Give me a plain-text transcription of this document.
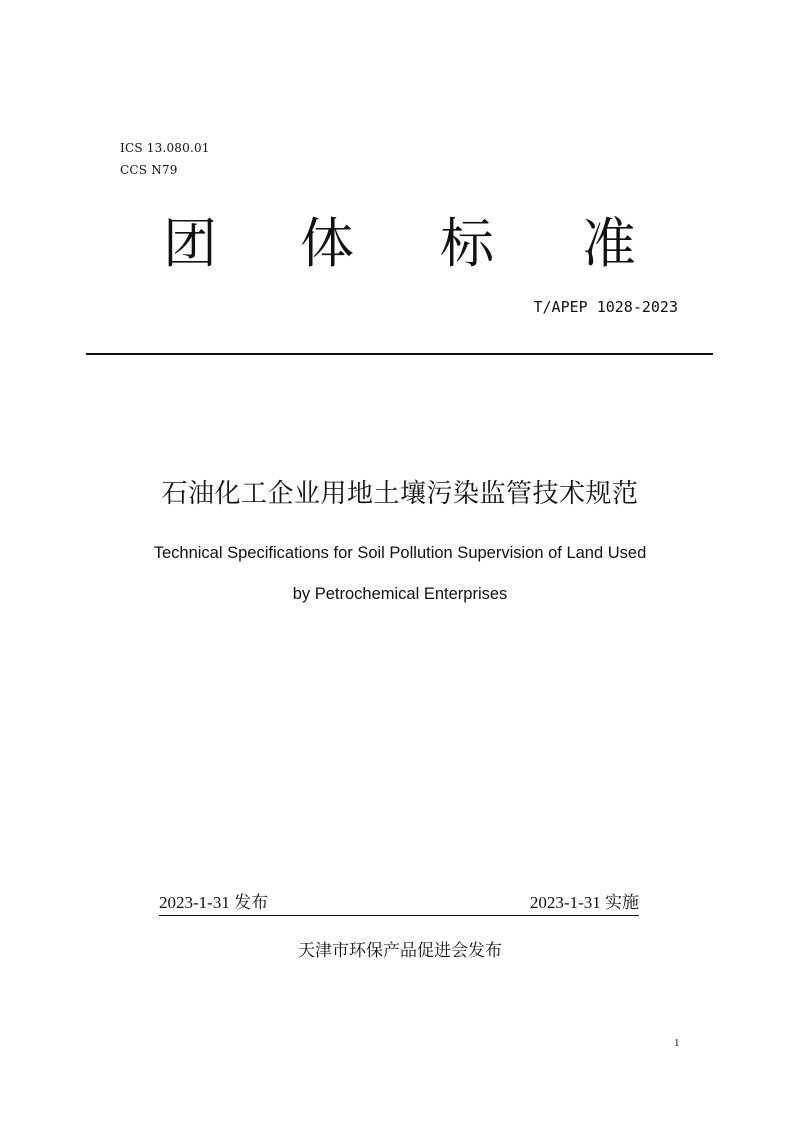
ICS 13.080.01
CCS N79
团 体 标 准
T/APEP 1028-2023
石油化工企业用地土壤污染监管技术规范
Technical Specifications for Soil Pollution Supervision of Land Used
by Petrochemical Enterprises
2023-1-31 发布	2023-1-31 实施
天津市环保产品促进会发布
1
